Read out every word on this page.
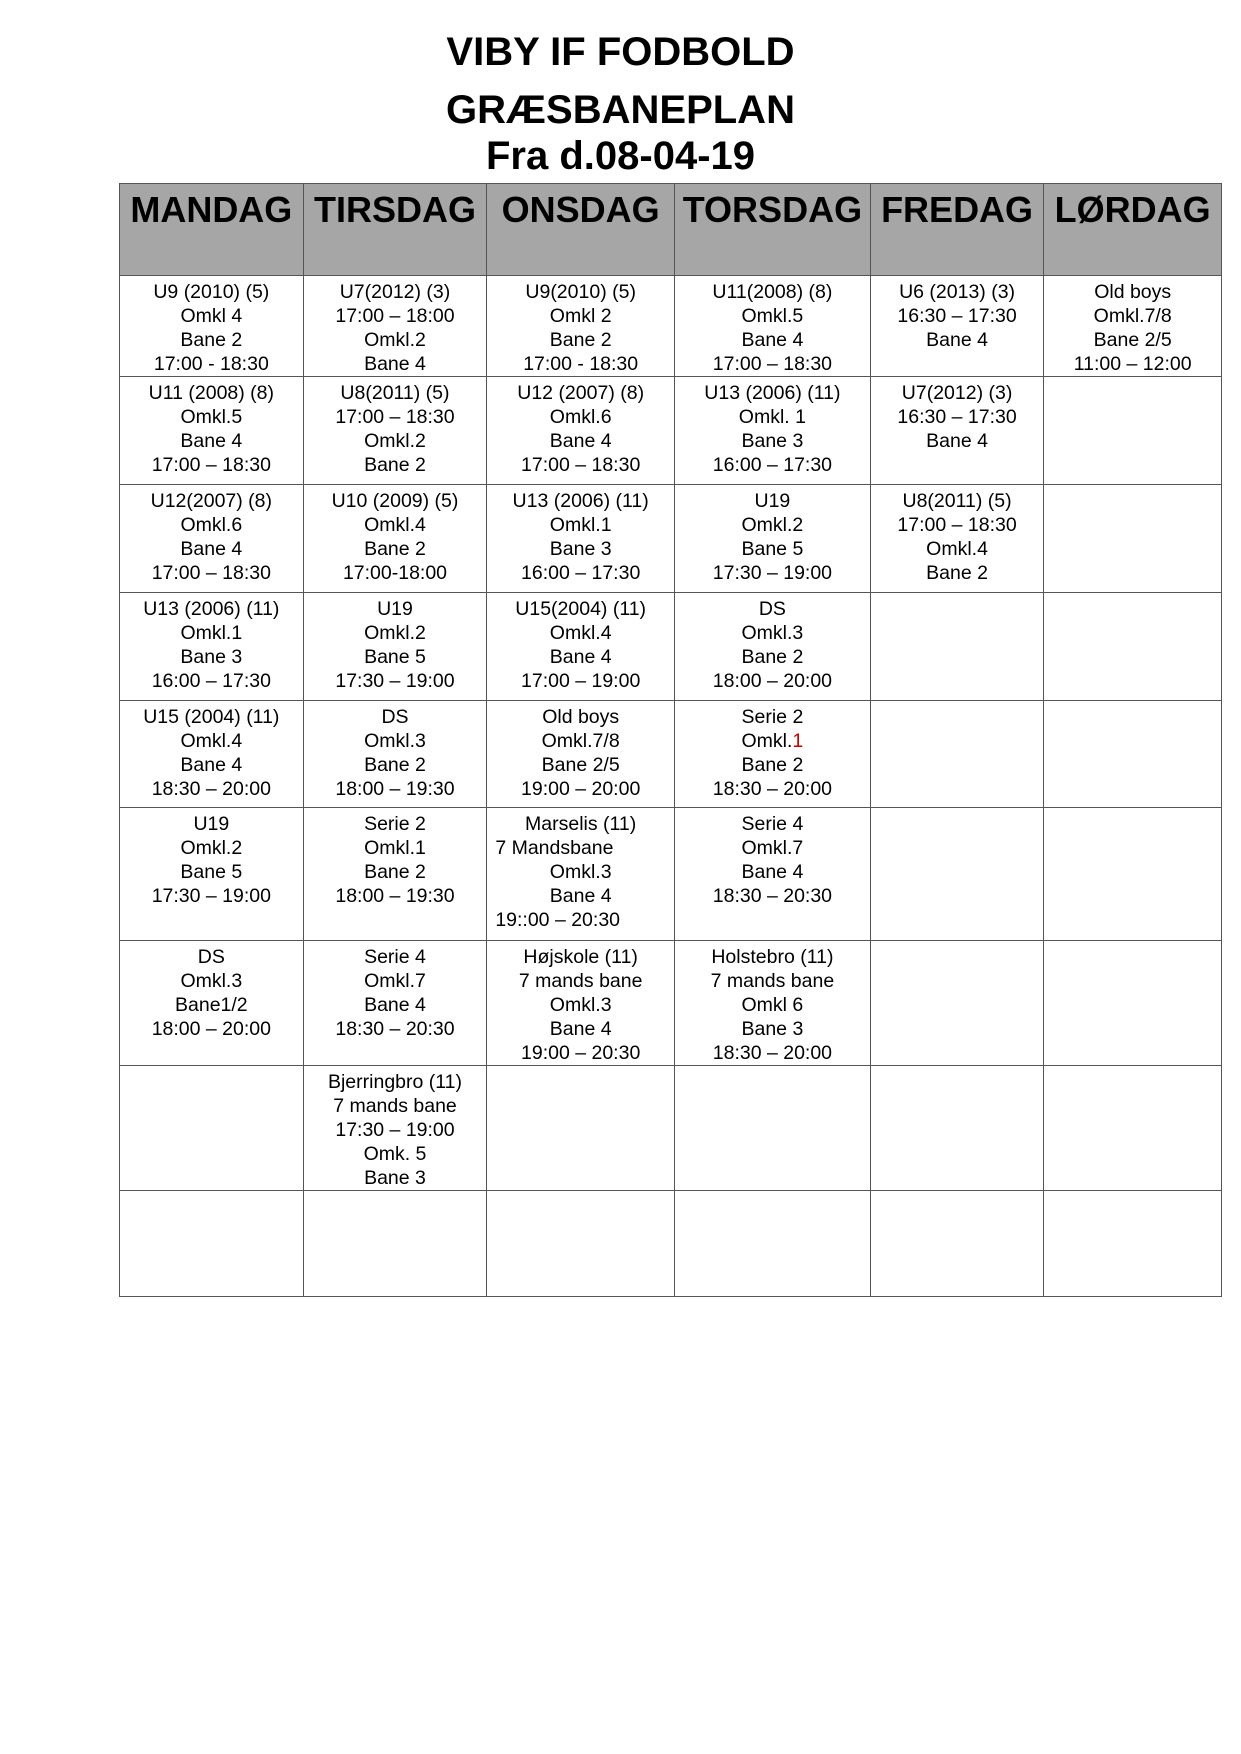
VIBY IF FODBOLD
GRÆSBANEPLAN
Fra d.08-04-19
MANDAG	TIRSDAG	ONSDAG	TORSDAG	FREDAG	LØRDAG

U9 (2010) (5)
Omkl 4
Bane 2
17:00 - 18:30	U7(2012) (3)
17:00 – 18:00
Omkl.2
Bane 4	U9(2010) (5)
Omkl 2
Bane 2
17:00 - 18:30	U11(2008) (8)
Omkl.5
Bane 4
17:00 – 18:30	U6 (2013) (3)
16:30 – 17:30
Bane 4	Old boys
Omkl.7/8
Bane 2/5
11:00 – 12:00

U11 (2008) (8)
Omkl.5
Bane 4
17:00 – 18:30	U8(2011) (5)
17:00 – 18:30
Omkl.2
Bane 2	U12 (2007) (8)
Omkl.6
Bane 4
17:00 – 18:30	U13 (2006) (11)
Omkl. 1
Bane 3
16:00 – 17:30	U7(2012) (3)
16:30 – 17:30
Bane 4	

U12(2007) (8)
Omkl.6
Bane 4
17:00 – 18:30	U10 (2009) (5)
Omkl.4
Bane 2
17:00-18:00	U13 (2006) (11)
Omkl.1
Bane 3
16:00 – 17:30	U19
Omkl.2
Bane 5
17:30 – 19:00	U8(2011) (5)
17:00 – 18:30
Omkl.4
Bane 2	

U13 (2006) (11)
Omkl.1
Bane 3
16:00 – 17:30	U19
Omkl.2
Bane 5
17:30 – 19:00	U15(2004) (11)
Omkl.4
Bane 4
17:00 – 19:00	DS
Omkl.3
Bane 2
18:00 – 20:00		

U15 (2004) (11)
Omkl.4
Bane 4
18:30 – 20:00	DS
Omkl.3
Bane 2
18:00 – 19:30	Old boys
Omkl.7/8
Bane 2/5
19:00 – 20:00	Serie 2
Omkl.1
Bane 2
18:30 – 20:00		

U19
Omkl.2
Bane 5
17:30 – 19:00	Serie 2
Omkl.1
Bane 2
18:00 – 19:30	Marselis (11)
7 Mandsbane
Omkl.3
Bane 4
19::00 – 20:30	Serie 4
Omkl.7
Bane 4
18:30 – 20:30		

DS
Omkl.3
Bane1/2
18:00 – 20:00	Serie 4
Omkl.7
Bane 4
18:30 – 20:30	Højskole (11)
7 mands bane
Omkl.3
Bane 4
19:00 – 20:30	Holstebro (11)
7 mands bane
Omkl 6
Bane 3
18:30 – 20:00		

	Bjerringbro (11)
7 mands bane
17:30 – 19:00
Omk. 5
Bane 3				
